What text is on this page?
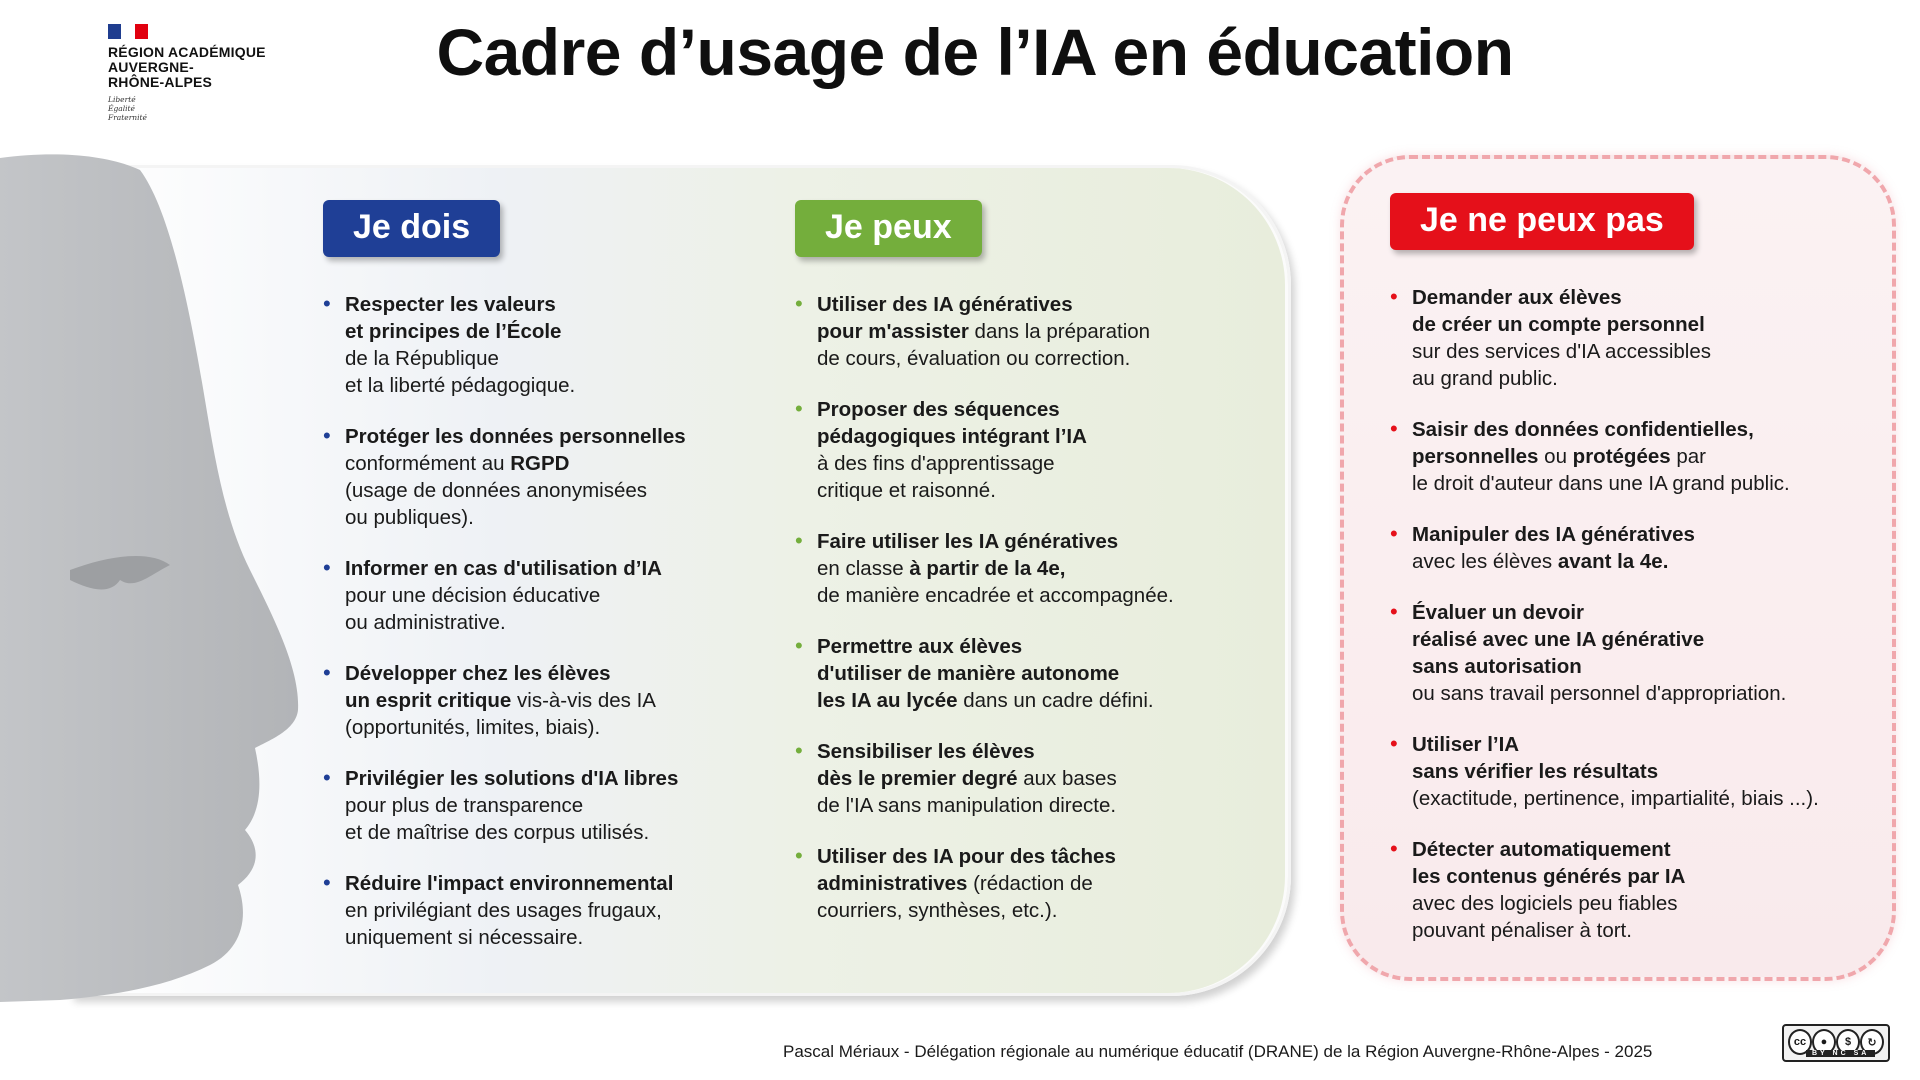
RÉGION ACADÉMIQUE
AUVERGNE-
RHÔNE-ALPES
Liberté
Égalité
Fraternité
Cadre d’usage de l’IA en éducation
Je dois
• Respecter les valeurs
et principes de l’École
de la République
et la liberté pédagogique.
• Protéger les données personnelles
conformément au RGPD
(usage de données anonymisées
ou publiques).
• Informer en cas d'utilisation d’IA
pour une décision éducative
ou administrative.
• Développer chez les élèves
un esprit critique vis-à-vis des IA
(opportunités, limites, biais).
• Privilégier les solutions d'IA libres
pour plus de transparence
et de maîtrise des corpus utilisés.
• Réduire l'impact environnemental
en privilégiant des usages frugaux,
uniquement si nécessaire.
Je peux
• Utiliser des IA génératives
pour m'assister dans la préparation
de cours, évaluation ou correction.
• Proposer des séquences
pédagogiques intégrant l’IA
à des fins d'apprentissage
critique et raisonné.
• Faire utiliser les IA génératives
en classe à partir de la 4e,
de manière encadrée et accompagnée.
• Permettre aux élèves
d'utiliser de manière autonome
les IA au lycée dans un cadre défini.
• Sensibiliser les élèves
dès le premier degré aux bases
de l'IA sans manipulation directe.
• Utiliser des IA pour des tâches
administratives (rédaction de
courriers, synthèses, etc.).
Je ne peux pas
• Demander aux élèves
de créer un compte personnel
sur des services d'IA accessibles
au grand public.
• Saisir des données confidentielles,
personnelles ou protégées par
le droit d'auteur dans une IA grand public.
• Manipuler des IA génératives
avec les élèves avant la 4e.
• Évaluer un devoir
réalisé avec une IA générative
sans autorisation
ou sans travail personnel d'appropriation.
• Utiliser l’IA
sans vérifier les résultats
(exactitude, pertinence, impartialité, biais ...).
• Détecter automatiquement
les contenus générés par IA
avec des logiciels peu fiables
pouvant pénaliser à tort.
Pascal Mériaux - Délégation régionale au numérique éducatif (DRANE) de la Région Auvergne-Rhône-Alpes - 2025	cc	●	$	↻
BY NC SA
